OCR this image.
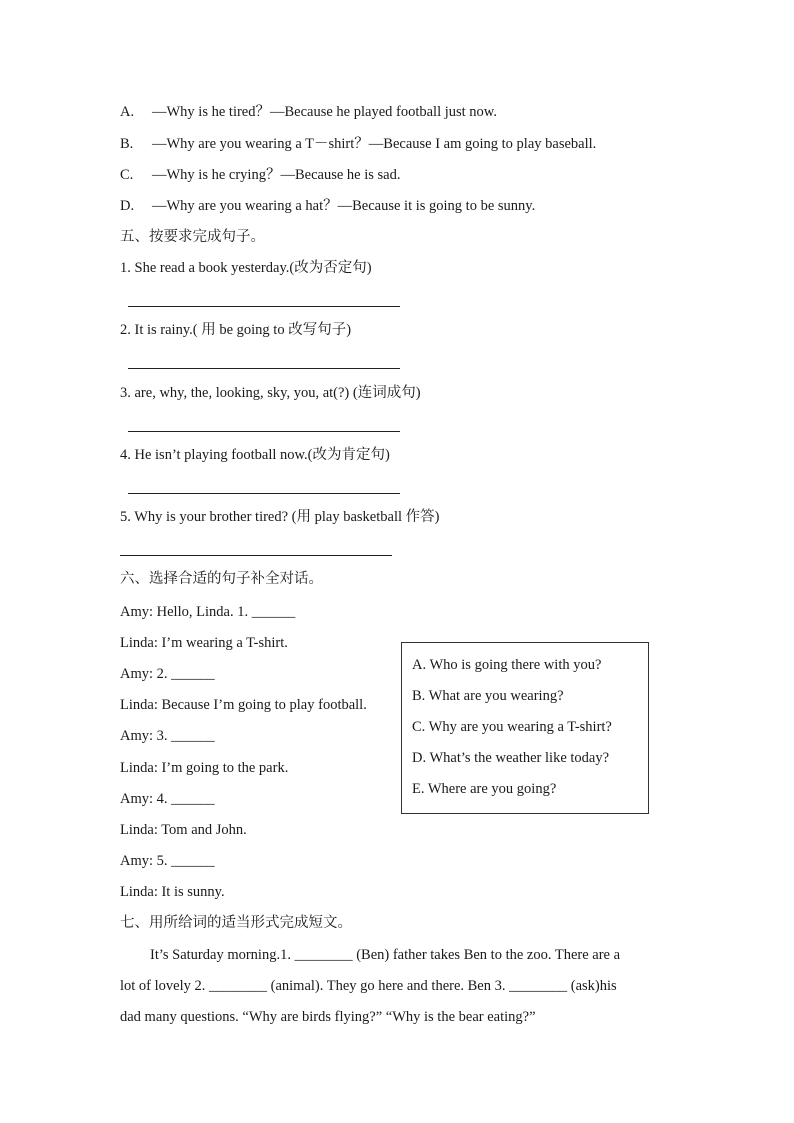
A. —Why is he tired？—Because he played football just now.
B. —Why are you wearing a T－shirt？—Because I am going to play baseball.
C. —Why is he crying？—Because he is sad.
D. —Why are you wearing a hat？—Because it is going to be sunny.
五、按要求完成句子。
1. She read a book yesterday.(改为否定句)
2. It is rainy.( 用 be going to 改写句子)
3. are, why, the, looking, sky, you, at(?) (连词成句)
4. He isn’t playing football now.(改为肯定句)
5. Why is your brother tired? (用 play basketball 作答)
六、选择合适的句子补全对话。
Amy: Hello, Linda. 1. ______
Linda: I’m wearing a T-shirt.
Amy: 2. ______
Linda: Because I’m going to play football.
Amy: 3. ______
Linda: I’m going to the park.
Amy: 4. ______
Linda: Tom and John.
Amy: 5. ______
Linda: It is sunny.
A. Who is going there with you?
B. What are you wearing?
C. Why are you wearing a T-shirt?
D. What’s the weather like today?
E. Where are you going?
七、用所给词的适当形式完成短文。
It’s Saturday morning.1. ________ (Ben) father takes Ben to the zoo. There are a
lot of lovely 2. ________ (animal). They go here and there. Ben 3. ________ (ask)his
dad many questions. “Why are birds flying?” “Why is the bear eating?”
